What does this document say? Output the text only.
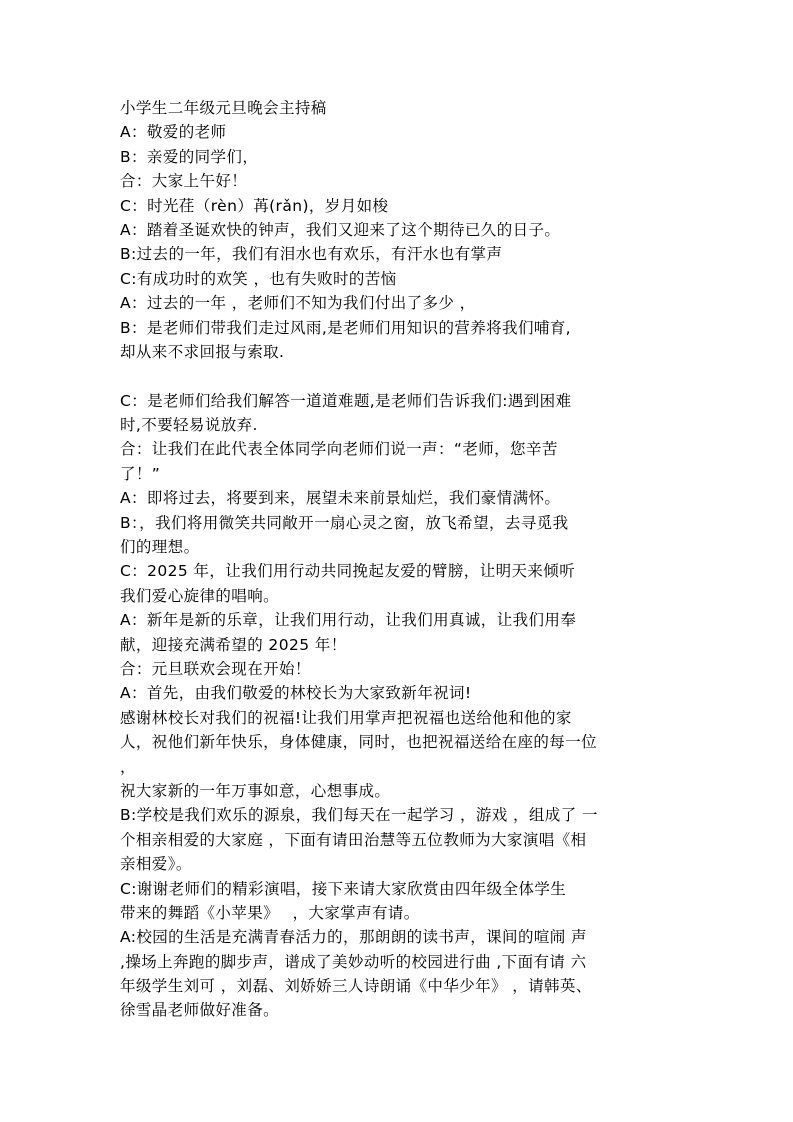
小学生二年级元旦晚会主持稿
A：敬爱的老师
B：亲爱的同学们，
合：大家上午好！
C：时光荏（rèn）苒(rǎn)，岁月如梭
A：踏着圣诞欢快的钟声，我们又迎来了这个期待已久的日子。
B:过去的一年，我们有泪水也有欢乐，有汗水也有掌声
C:有成功时的欢笑 ，也有失败时的苦恼
A：过去的一年 ，老师们不知为我们付出了多少 ，
B：是老师们带我们走过风雨,是老师们用知识的营养将我们哺育,
却从来不求回报与索取.
C：是老师们给我们解答一道道难题,是老师们告诉我们:遇到困难
时,不要轻易说放弃.
合：让我们在此代表全体同学向老师们说一声：“老师，您辛苦
了！”
A：即将过去，将要到来，展望未来前景灿烂，我们豪情满怀。
B：，我们将用微笑共同敞开一扇心灵之窗，放飞希望，去寻觅我
们的理想。
C：2025 年，让我们用行动共同挽起友爱的臂膀，让明天来倾听
我们爱心旋律的唱响。
A：新年是新的乐章，让我们用行动，让我们用真诚，让我们用奉
献，迎接充满希望的 2025 年！
合：元旦联欢会现在开始！
A：首先，由我们敬爱的林校长为大家致新年祝词!
感谢林校长对我们的祝福!让我们用掌声把祝福也送给他和他的家
人，祝他们新年快乐，身体健康，同时，也把祝福送给在座的每一位
，
祝大家新的一年万事如意，心想事成。
B:学校是我们欢乐的源泉，我们每天在一起学习 ，游戏 ，组成了 一
个相亲相爱的大家庭 ，下面有请田治慧等五位教师为大家演唱《相
亲相爱》。
C:谢谢老师们的精彩演唱，接下来请大家欣赏由四年级全体学生
带来的舞蹈《小苹果》　 ，大家掌声有请。
A:校园的生活是充满青春活力的，那朗朗的读书声，课间的喧闹 声
,操场上奔跑的脚步声，谱成了美妙动听的校园进行曲 ,下面有请 六
年级学生刘可 ，刘磊、刘娇娇三人诗朗诵《中华少年》 ，请韩英、
徐雪晶老师做好准备。
